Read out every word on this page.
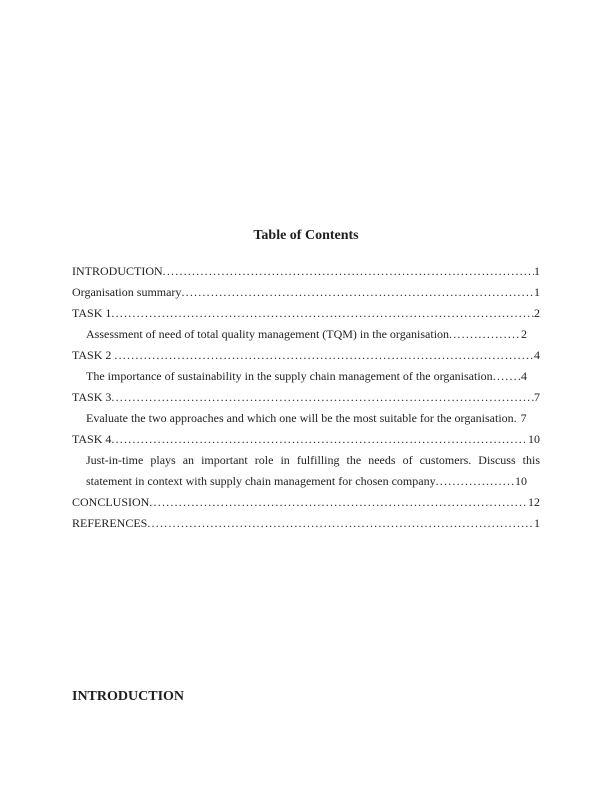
Table of Contents
INTRODUCTION .....	1
Organisation summary .....	1
TASK 1 .....	2
Assessment of need of total quality management (TQM) in the organisation .....	2
TASK 2 .....	4
The importance of sustainability in the supply chain management of the organisation ..... 4
TASK 3 .....	7
Evaluate the two approaches and which one will be the most suitable for the organisation. 7
TASK 4 .....	10
Just-in-time plays an important role in fulfilling the needs of customers. Discuss this
statement in context with supply chain management for chosen company .....	10
CONCLUSION .....	12
REFERENCES .....	1
INTRODUCTION
